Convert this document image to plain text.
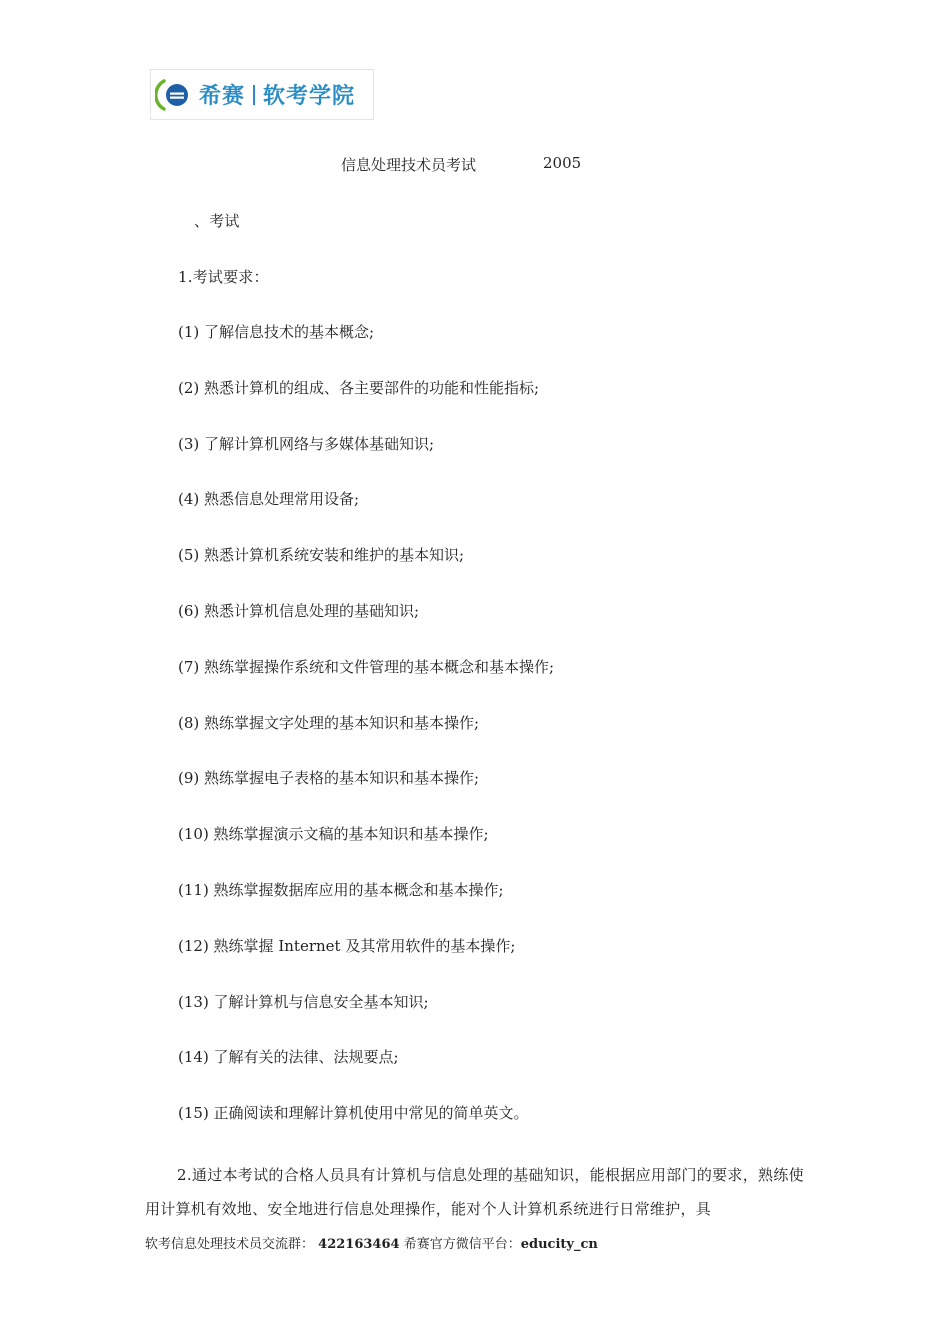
希赛 软考学院
信息处理技术员考试	2005
、考试
1.考试要求：
(1) 了解信息技术的基本概念;
(2) 熟悉计算机的组成、各主要部件的功能和性能指标;
(3) 了解计算机网络与多媒体基础知识;
(4) 熟悉信息处理常用设备;
(5) 熟悉计算机系统安装和维护的基本知识;
(6) 熟悉计算机信息处理的基础知识;
(7) 熟练掌握操作系统和文件管理的基本概念和基本操作;
(8) 熟练掌握文字处理的基本知识和基本操作;
(9) 熟练掌握电子表格的基本知识和基本操作;
(10) 熟练掌握演示文稿的基本知识和基本操作;
(11) 熟练掌握数据库应用的基本概念和基本操作;
(12) 熟练掌握 Internet 及其常用软件的基本操作;
(13) 了解计算机与信息安全基本知识;
(14) 了解有关的法律、法规要点;
(15) 正确阅读和理解计算机使用中常见的简单英文。

2.通过本考试的合格人员具有计算机与信息处理的基础知识，能根据应用部门的要求，熟练使用计算机有效地、安全地进行信息处理操作，能对个人计算机系统进行日常维护，具

软考信息处理技术员交流群： 422163464 希赛官方微信平台：educity_cn
